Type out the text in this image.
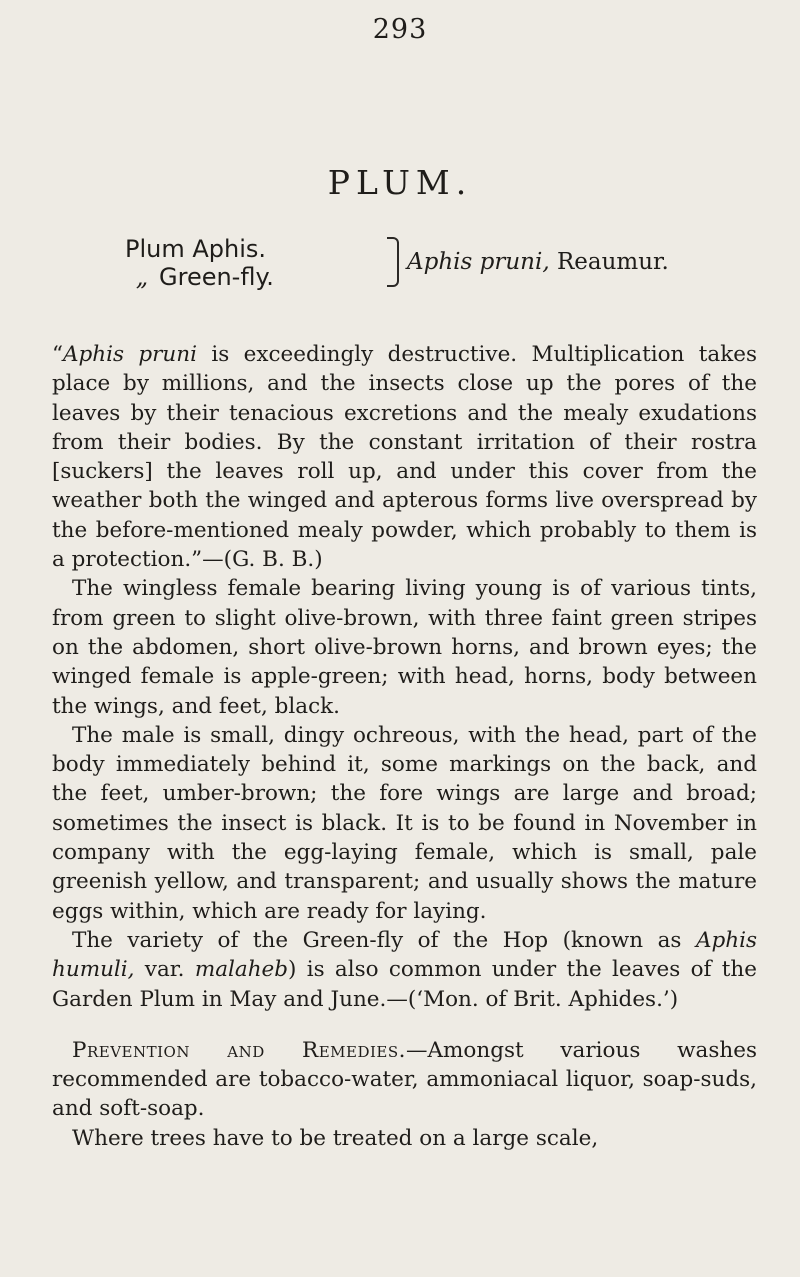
293
PLUM.
Plum Aphis.
„ Green-fly.
Aphis pruni, Reaumur.

“Aphis pruni is exceedingly destructive. Multiplication takes place by millions, and the insects close up the pores of the leaves by their tenacious excretions and the mealy exudations from their bodies. By the constant irritation of their rostra [suckers] the leaves roll up, and under this cover from the weather both the winged and apterous forms live overspread by the before-mentioned mealy powder, which probably to them is a protection.”—(G. B. B.)

The wingless female bearing living young is of various tints, from green to slight olive-brown, with three faint green stripes on the abdomen, short olive-brown horns, and brown eyes; the winged female is apple-green; with head, horns, body between the wings, and feet, black.

The male is small, dingy ochreous, with the head, part of the body immediately behind it, some markings on the back, and the feet, umber-brown; the fore wings are large and broad; sometimes the insect is black. It is to be found in November in company with the egg-laying female, which is small, pale greenish yellow, and transparent; and usually shows the mature eggs within, which are ready for laying.

The variety of the Green-fly of the Hop (known as Aphis humuli, var. malaheb) is also common under the leaves of the Garden Plum in May and June.—(‘Mon. of Brit. Aphides.’)

Prevention and Remedies.—Amongst various washes recommended are tobacco-water, ammoniacal liquor, soap-suds, and soft-soap.

Where trees have to be treated on a large scale,
